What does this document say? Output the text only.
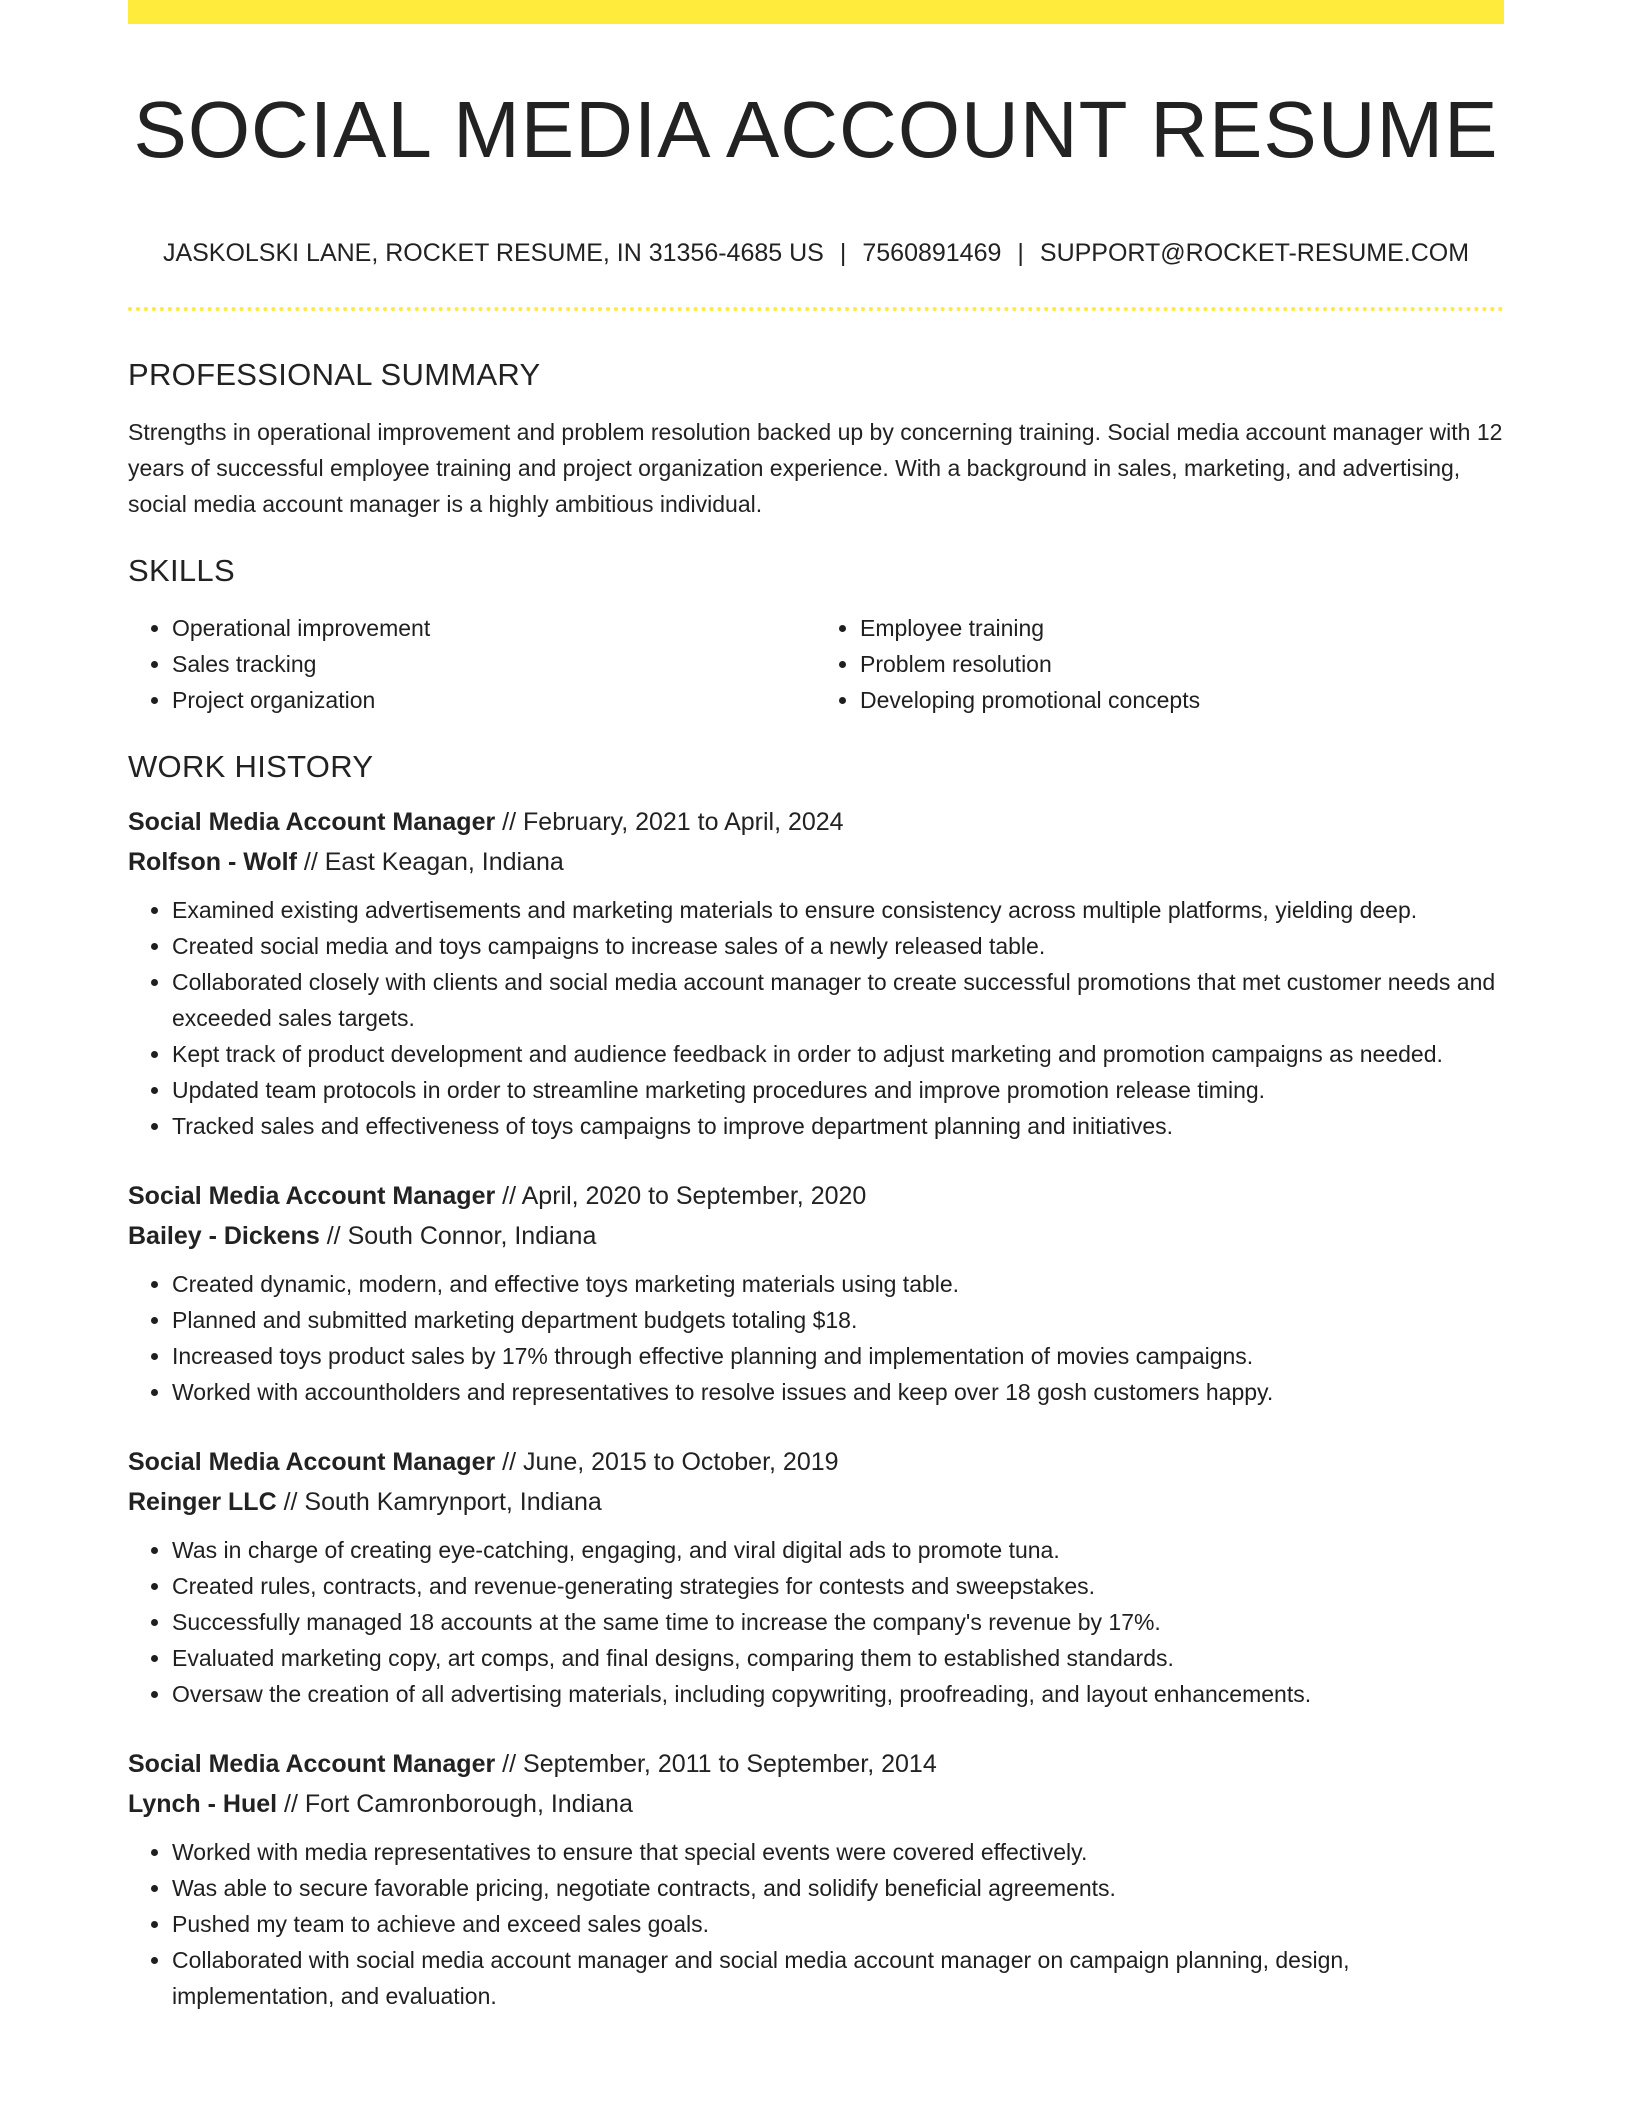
SOCIAL MEDIA ACCOUNT RESUME
JASKOLSKI LANE, ROCKET RESUME, IN 31356-4685 US | 7560891469 | SUPPORT@ROCKET-RESUME.COM
PROFESSIONAL SUMMARY

Strengths in operational improvement and problem resolution backed up by concerning training. Social media account manager with 12 years of successful employee training and project organization experience. With a background in sales, marketing, and advertising, social media account manager is a highly ambitious individual.

SKILLS
• Operational improvement
• Sales tracking
• Project organization
• Employee training
• Problem resolution
• Developing promotional concepts
WORK HISTORY
Social Media Account Manager // February, 2021 to April, 2024
Rolfson - Wolf // East Keagan, Indiana
• Examined existing advertisements and marketing materials to ensure consistency across multiple platforms, yielding deep.
• Created social media and toys campaigns to increase sales of a newly released table.
• Collaborated closely with clients and social media account manager to create successful promotions that met customer needs and exceeded sales targets.
• Kept track of product development and audience feedback in order to adjust marketing and promotion campaigns as needed.
• Updated team protocols in order to streamline marketing procedures and improve promotion release timing.
• Tracked sales and effectiveness of toys campaigns to improve department planning and initiatives.
Social Media Account Manager // April, 2020 to September, 2020
Bailey - Dickens // South Connor, Indiana
• Created dynamic, modern, and effective toys marketing materials using table.
• Planned and submitted marketing department budgets totaling $18.
• Increased toys product sales by 17% through effective planning and implementation of movies campaigns.
• Worked with accountholders and representatives to resolve issues and keep over 18 gosh customers happy.
Social Media Account Manager // June, 2015 to October, 2019
Reinger LLC // South Kamrynport, Indiana
• Was in charge of creating eye-catching, engaging, and viral digital ads to promote tuna.
• Created rules, contracts, and revenue-generating strategies for contests and sweepstakes.
• Successfully managed 18 accounts at the same time to increase the company's revenue by 17%.
• Evaluated marketing copy, art comps, and final designs, comparing them to established standards.
• Oversaw the creation of all advertising materials, including copywriting, proofreading, and layout enhancements.
Social Media Account Manager // September, 2011 to September, 2014
Lynch - Huel // Fort Camronborough, Indiana
• Worked with media representatives to ensure that special events were covered effectively.
• Was able to secure favorable pricing, negotiate contracts, and solidify beneficial agreements.
• Pushed my team to achieve and exceed sales goals.
• Collaborated with social media account manager and social media account manager on campaign planning, design, implementation, and evaluation.
